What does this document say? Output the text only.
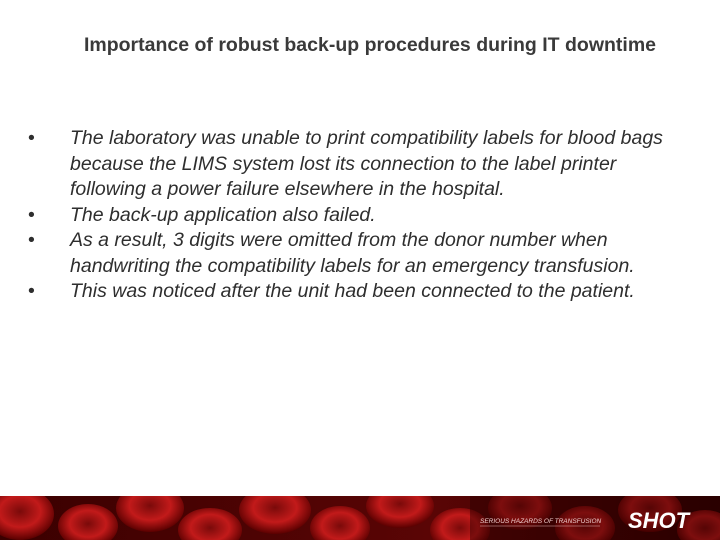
Importance of robust back-up procedures during IT downtime
• The laboratory was unable to print compatibility labels for blood bags because the LIMS system lost its connection to the label printer following a power failure elsewhere in the hospital.
• The back-up application also failed.
• As a result, 3 digits were omitted from the donor number when handwriting the compatibility labels for an emergency transfusion.
• This was noticed after the unit had been connected to the patient.
SERIOUS HAZARDS OF TRANSFUSION SHOT
